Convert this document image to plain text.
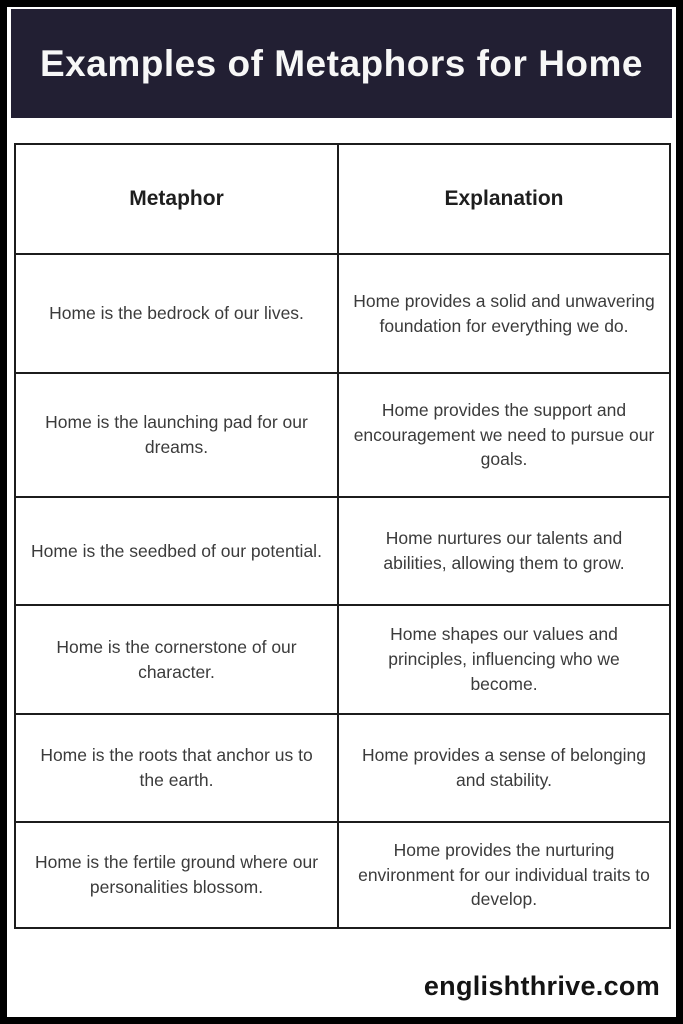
Examples of Metaphors for Home
Metaphor	Explanation
Home is the bedrock of our lives.	Home provides a solid and unwavering foundation for everything we do.
Home is the launching pad for our dreams.	Home provides the support and encouragement we need to pursue our goals.
Home is the seedbed of our potential.	Home nurtures our talents and abilities, allowing them to grow.
Home is the cornerstone of our character.	Home shapes our values and principles, influencing who we become.
Home is the roots that anchor us to the earth.	Home provides a sense of belonging and stability.
Home is the fertile ground where our personalities blossom.	Home provides the nurturing environment for our individual traits to develop.
englishthrive.com
